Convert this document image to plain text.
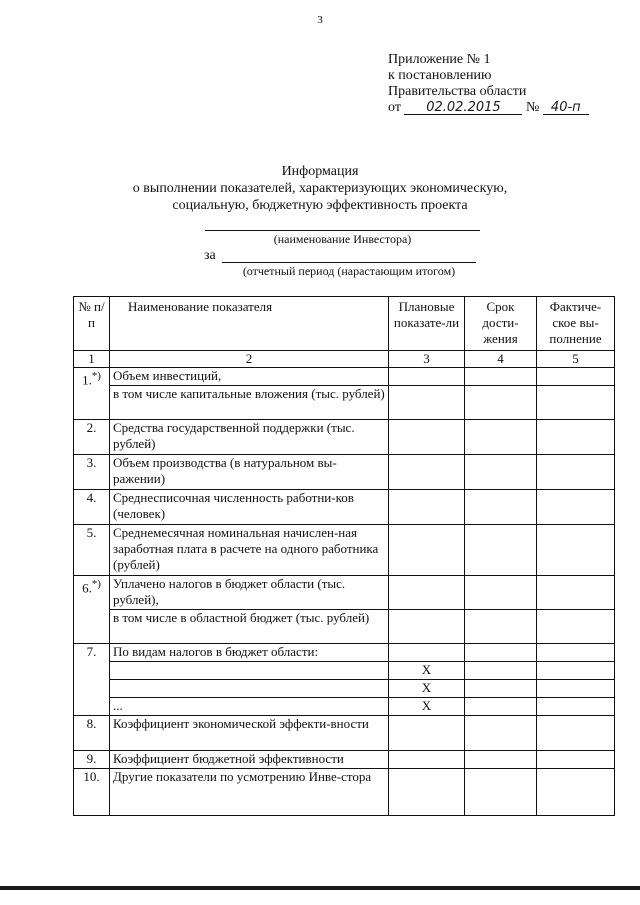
3
Приложение № 1
к постановлению
Правительства области
от 02.02.2015 № 40-п
Информация
о выполнении показателей, характеризующих экономическую,
социальную, бюджетную эффективность проекта
(наименование Инвестора)
за
(отчетный период (нарастающим итогом)
№ п/п	Наименование показателя	Плановые показате-ли	Срок дости-жения	Фактиче-ское вы-полнение
1	2	3	4	5
1.*)	Объем инвестиций,			
	в том числе капитальные вложения (тыс. рублей)			
2.	Средства государственной поддержки (тыс. рублей)			
3.	Объем производства (в натуральном вы-ражении)			
4.	Среднесписочная численность работни-ков (человек)			
5.	Среднемесячная номинальная начислен-ная заработная плата в расчете на одного работника (рублей)			
6.*)	Уплачено налогов в бюджет области (тыс. рублей),			
	в том числе в областной бюджет (тыс. рублей)			
7.	По видам налогов в бюджет области:			
		X		
		X		
	...	X		
8.	Коэффициент экономической эффекти-вности			
9.	Коэффициент бюджетной эффективности			
10.	Другие показатели по усмотрению Инве-стора			
